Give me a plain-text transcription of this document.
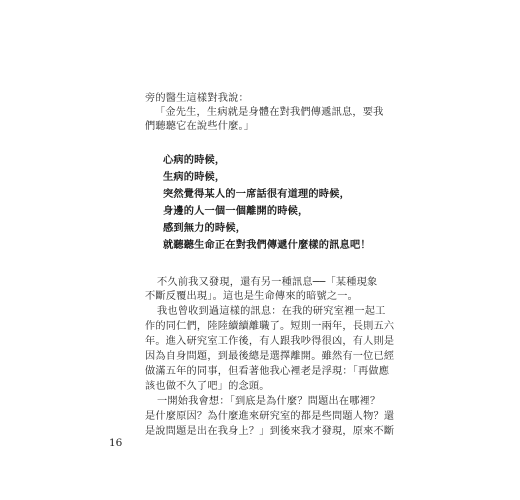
旁的醫生這樣對我說：
「金先生，生病就是身體在對我們傳遞訊息，要我
們聽聽它在說些什麼。」
心病的時候，
生病的時候，
突然覺得某人的一席話很有道理的時候，
身邊的人一個一個離開的時候，
感到無力的時候，
就聽聽生命正在對我們傳遞什麼樣的訊息吧！
不久前我又發現，還有另一種訊息──「某種現象
不斷反覆出現」。這也是生命傳來的暗號之一。
我也曾收到過這樣的訊息：在我的研究室裡一起工
作的同仁們，陸陸續續離職了。短則一兩年，長則五六
年。進入研究室工作後，有人跟我吵得很凶，有人則是
因為自身問題，到最後總是選擇離開。雖然有一位已經
做滿五年的同事，但看著他我心裡老是浮現：「再做應
該也做不久了吧」的念頭。
一開始我會想：「到底是為什麼？問題出在哪裡？
是什麼原因？為什麼進來研究室的都是些問題人物？還
是說問題是出在我身上？」到後來我才發現，原來不斷
16
